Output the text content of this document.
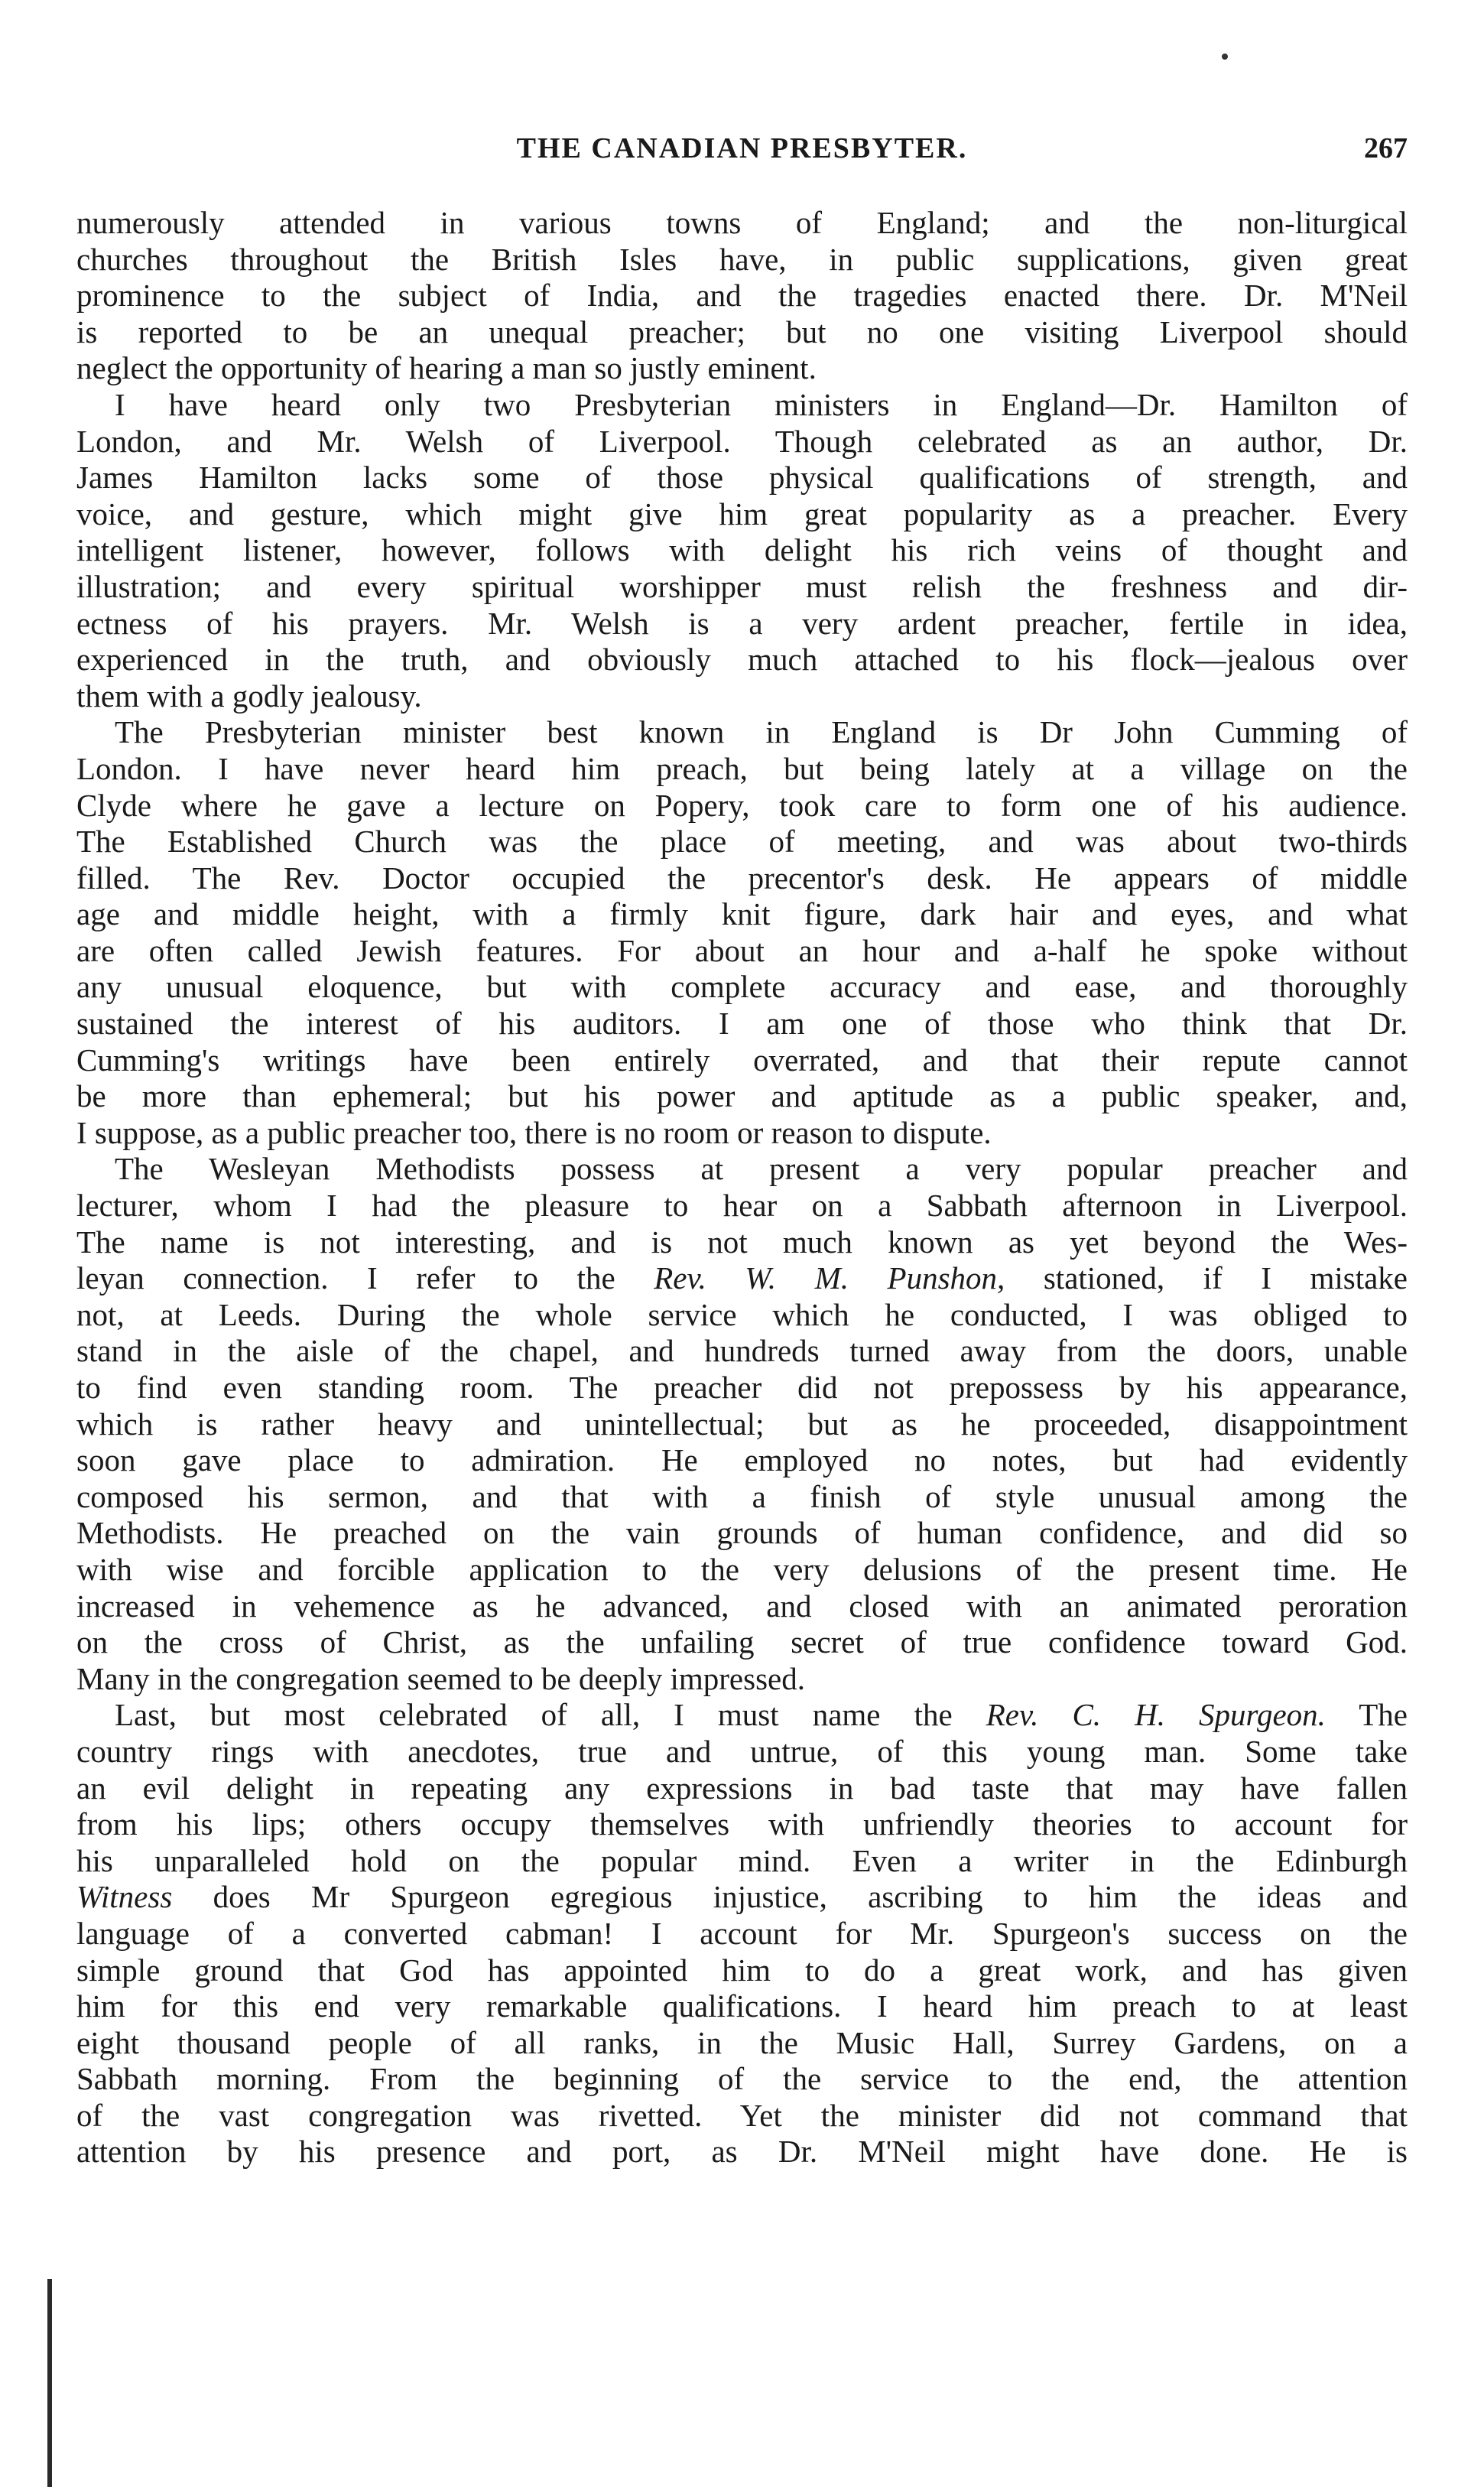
THE CANADIAN PRESBYTER.	267
numerously attended in various towns of England; and the non-liturgical
churches throughout the British Isles have, in public supplications, given great
prominence to the subject of India, and the tragedies enacted there. Dr. M'Neil
is reported to be an unequal preacher; but no one visiting Liverpool should
neglect the opportunity of hearing a man so justly eminent.
I have heard only two Presbyterian ministers in England—Dr. Hamilton of
London, and Mr. Welsh of Liverpool. Though celebrated as an author, Dr.
James Hamilton lacks some of those physical qualifications of strength, and
voice, and gesture, which might give him great popularity as a preacher. Every
intelligent listener, however, follows with delight his rich veins of thought and
illustration; and every spiritual worshipper must relish the freshness and dir-
ectness of his prayers. Mr. Welsh is a very ardent preacher, fertile in idea,
experienced in the truth, and obviously much attached to his flock—jealous over
them with a godly jealousy.
The Presbyterian minister best known in England is Dr John Cumming of
London. I have never heard him preach, but being lately at a village on the
Clyde where he gave a lecture on Popery, took care to form one of his audience.
The Established Church was the place of meeting, and was about two-thirds
filled. The Rev. Doctor occupied the precentor's desk. He appears of middle
age and middle height, with a firmly knit figure, dark hair and eyes, and what
are often called Jewish features. For about an hour and a-half he spoke without
any unusual eloquence, but with complete accuracy and ease, and thoroughly
sustained the interest of his auditors. I am one of those who think that Dr.
Cumming's writings have been entirely overrated, and that their repute cannot
be more than ephemeral; but his power and aptitude as a public speaker, and,
I suppose, as a public preacher too, there is no room or reason to dispute.
The Wesleyan Methodists possess at present a very popular preacher and
lecturer, whom I had the pleasure to hear on a Sabbath afternoon in Liverpool.
The name is not interesting, and is not much known as yet beyond the Wes-
leyan connection. I refer to the Rev. W. M. Punshon, stationed, if I mistake
not, at Leeds. During the whole service which he conducted, I was obliged to
stand in the aisle of the chapel, and hundreds turned away from the doors, unable
to find even standing room. The preacher did not prepossess by his appearance,
which is rather heavy and unintellectual; but as he proceeded, disappointment
soon gave place to admiration. He employed no notes, but had evidently
composed his sermon, and that with a finish of style unusual among the
Methodists. He preached on the vain grounds of human confidence, and did so
with wise and forcible application to the very delusions of the present time. He
increased in vehemence as he advanced, and closed with an animated peroration
on the cross of Christ, as the unfailing secret of true confidence toward God.
Many in the congregation seemed to be deeply impressed.
Last, but most celebrated of all, I must name the Rev. C. H. Spurgeon. The
country rings with anecdotes, true and untrue, of this young man. Some take
an evil delight in repeating any expressions in bad taste that may have fallen
from his lips; others occupy themselves with unfriendly theories to account for
his unparalleled hold on the popular mind. Even a writer in the Edinburgh
Witness does Mr Spurgeon egregious injustice, ascribing to him the ideas and
language of a converted cabman! I account for Mr. Spurgeon's success on the
simple ground that God has appointed him to do a great work, and has given
him for this end very remarkable qualifications. I heard him preach to at least
eight thousand people of all ranks, in the Music Hall, Surrey Gardens, on a
Sabbath morning. From the beginning of the service to the end, the attention
of the vast congregation was rivetted. Yet the minister did not command that
attention by his presence and port, as Dr. M'Neil might have done. He is
